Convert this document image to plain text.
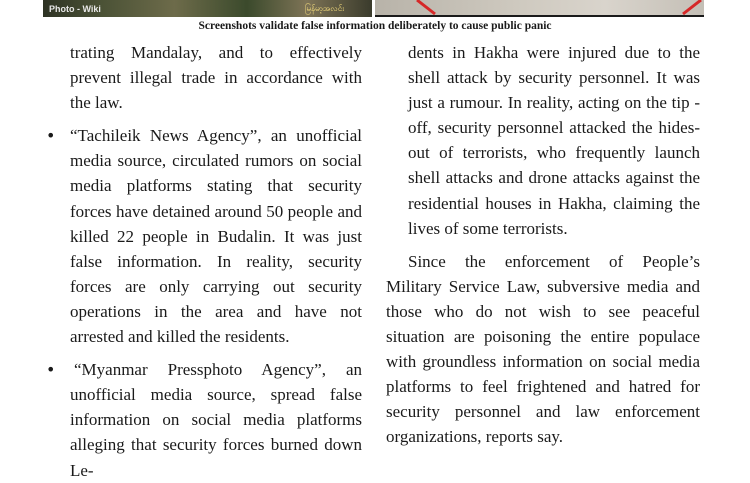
Photo - Wiki	မြန်မာ့အလင်း
Screenshots validate false information deliberately to cause public panic

trating Mandalay, and to effectively prevent illegal trade in accordance with the law.

• “Tachileik News Agency”, an unofficial media source, circulated rumors on social media platforms stating that security forces have detained around 50 people and killed 22 people in Budalin. It was just false information. In reality, security forces are only carrying out security operations in the area and have not arrested and killed the residents.

• “Myanmar Pressphoto Agency”, an unofficial media source, spread false information on social media platforms alleging that security forces burned down Le-

dents in Hakha were injured due to the shell attack by security personnel. It was just a rumour. In reality, acting on the tip -off, security personnel attacked the hides-out of terrorists, who frequently launch shell attacks and drone attacks against the residential houses in Hakha, claiming the lives of some terrorists.

Since the enforcement of People’s Military Service Law, subversive media and those who do not wish to see peaceful situation are poisoning the entire populace with groundless information on social media platforms to feel frightened and hatred for security personnel and law enforcement organizations, reports say.
